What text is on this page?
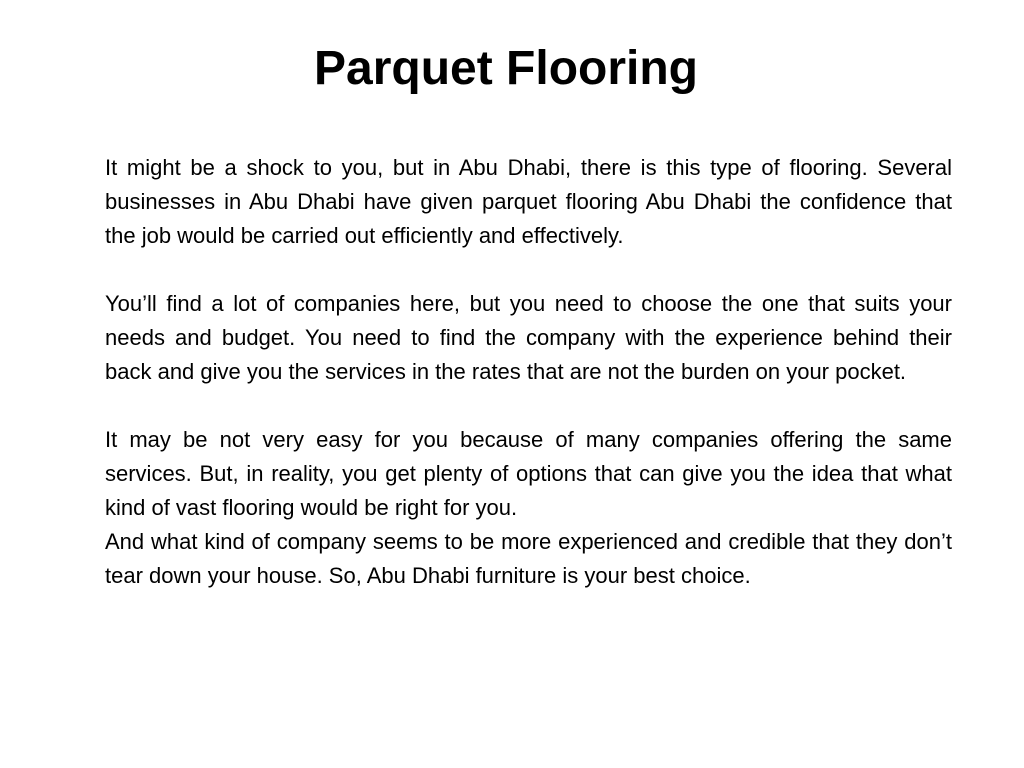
Parquet Flooring

It might be a shock to you, but in Abu Dhabi, there is this type of flooring. Several businesses in Abu Dhabi have given parquet flooring Abu Dhabi the confidence that the job would be carried out efficiently and effectively.

You’ll find a lot of companies here, but you need to choose the one that suits your needs and budget. You need to find the company with the experience behind their back and give you the services in the rates that are not the burden on your pocket.

It may be not very easy for you because of many companies offering the same services. But, in reality, you get plenty of options that can give you the idea that what kind of vast flooring would be right for you.

And what kind of company seems to be more experienced and credible that they don’t tear down your house. So, Abu Dhabi furniture is your best choice.
